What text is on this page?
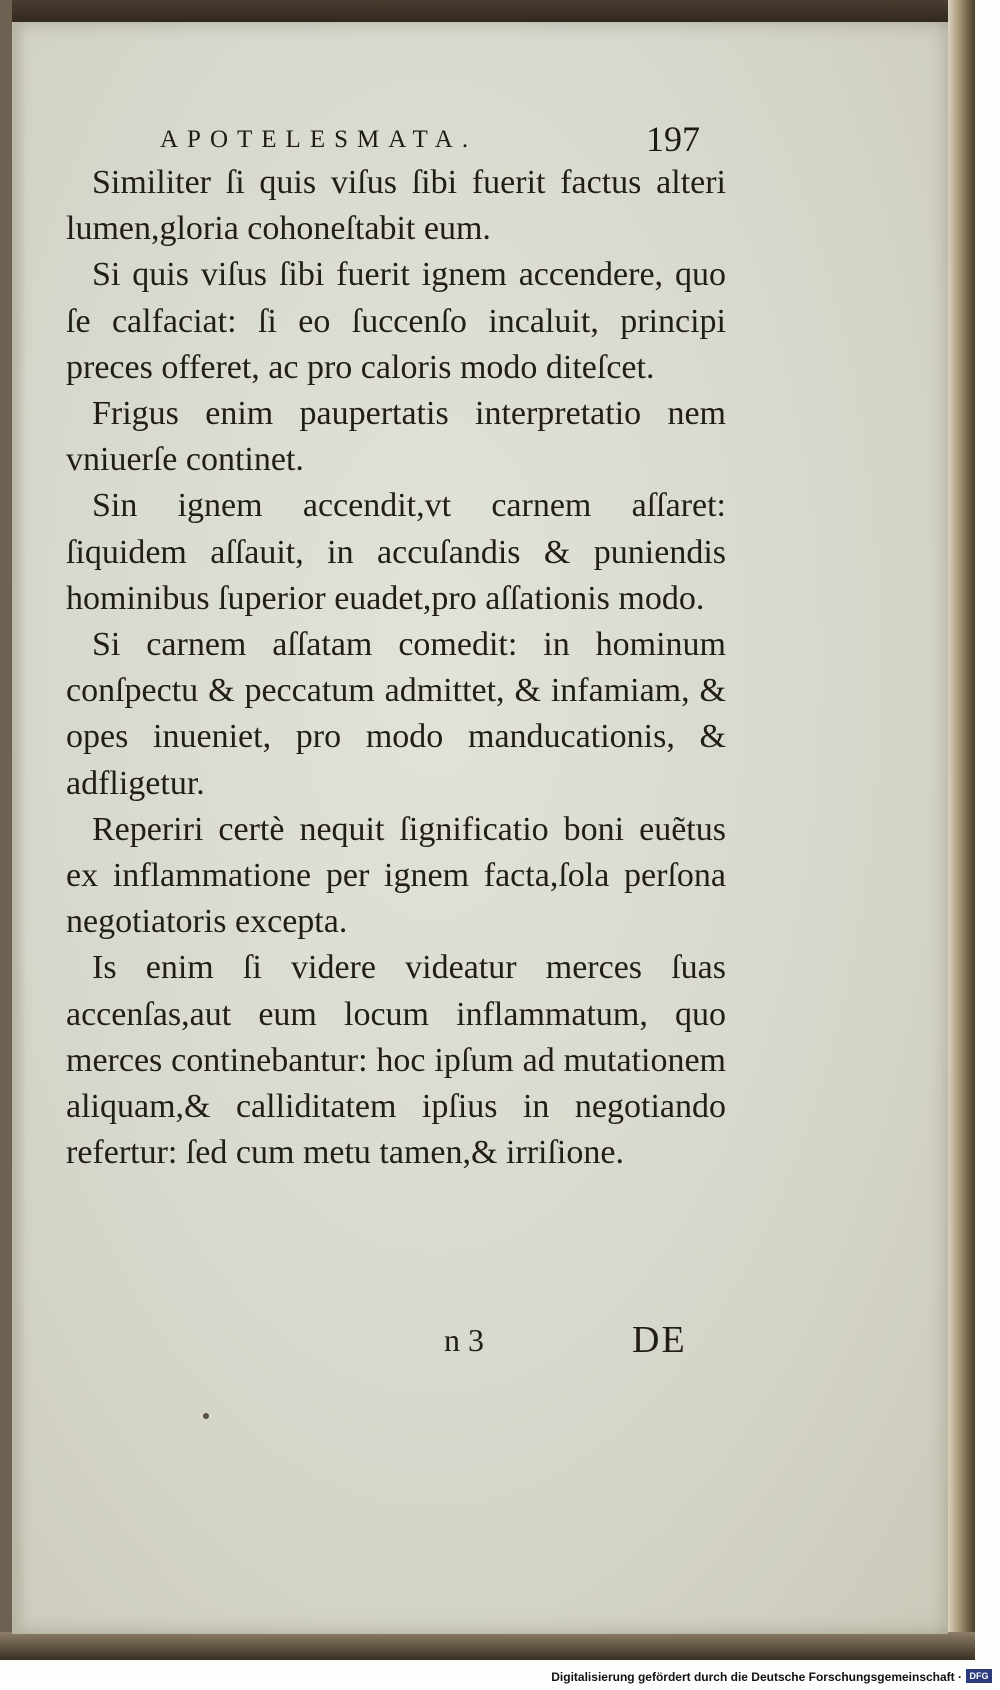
APOTELESMATA.	197

Similiter ſi quis viſus ſibi fuerit factus alteri lumen,gloria cohoneſtabit eum.

Si quis viſus ſibi fuerit ignem accendere, quo ſe calfaciat: ſi eo ſuccenſo incaluit, principi preces offeret, ac pro caloris modo diteſcet.

Frigus enim paupertatis interpretatio nem vniuerſe continet.

Sin ignem accendit,vt carnem aſſaret: ſiquidem aſſauit, in accuſandis & puniendis hominibus ſuperior euadet,pro aſſationis modo.

Si carnem aſſatam comedit: in hominum conſpectu & peccatum admittet, & infamiam, & opes inueniet, pro modo manducationis, & adfligetur.

Reperiri certè nequit ſignificatio boni euẽtus ex inflammatione per ignem facta,ſola perſona negotiatoris excepta.

Is enim ſi videre videatur merces ſuas accenſas,aut eum locum inflammatum, quo merces continebantur: hoc ipſum ad mutationem aliquam,& calliditatem ipſius in negotiando refertur: ſed cum metu tamen,& irriſione.

n 3	DE
Digitalisierung gefördert durch die Deutsche Forschungsgemeinschaft · DFG
